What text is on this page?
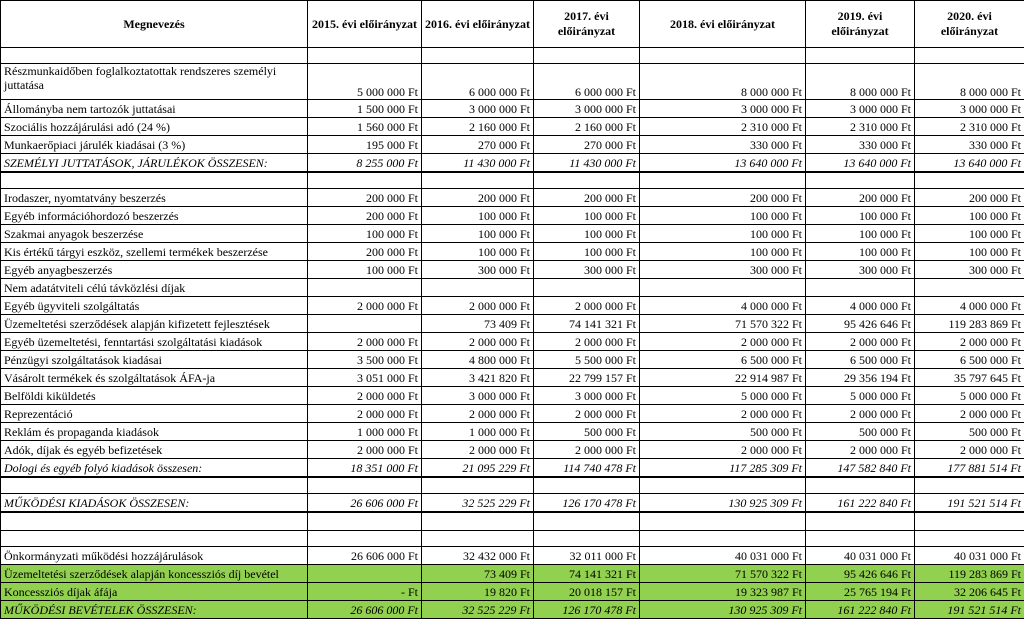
Megnevezés	2015. évi előirányzat	2016. évi előirányzat	2017. évi előirányzat	2018. évi előirányzat	2019. évi előirányzat	2020. évi előirányzat

Részmunkaidőben foglalkoztatottak rendszeres személyi juttatása	5 000 000 Ft	6 000 000 Ft	6 000 000 Ft	8 000 000 Ft	8 000 000 Ft	8 000 000 Ft
Állományba nem tartozók juttatásai	1 500 000 Ft	3 000 000 Ft	3 000 000 Ft	3 000 000 Ft	3 000 000 Ft	3 000 000 Ft
Szociális hozzájárulási adó (24 %)	1 560 000 Ft	2 160 000 Ft	2 160 000 Ft	2 310 000 Ft	2 310 000 Ft	2 310 000 Ft
Munkaerőpiaci járulék kiadásai (3 %)	195 000 Ft	270 000 Ft	270 000 Ft	330 000 Ft	330 000 Ft	330 000 Ft
SZEMÉLYI JUTTATÁSOK, JÁRULÉKOK ÖSSZESEN:	8 255 000 Ft	11 430 000 Ft	11 430 000 Ft	13 640 000 Ft	13 640 000 Ft	13 640 000 Ft

Irodaszer, nyomtatvány beszerzés	200 000 Ft	200 000 Ft	200 000 Ft	200 000 Ft	200 000 Ft	200 000 Ft
Egyéb információhordozó beszerzés	200 000 Ft	100 000 Ft	100 000 Ft	100 000 Ft	100 000 Ft	100 000 Ft
Szakmai anyagok beszerzése	100 000 Ft	100 000 Ft	100 000 Ft	100 000 Ft	100 000 Ft	100 000 Ft
Kis értékű tárgyi eszköz, szellemi termékek beszerzése	200 000 Ft	100 000 Ft	100 000 Ft	100 000 Ft	100 000 Ft	100 000 Ft
Egyéb anyagbeszerzés	100 000 Ft	300 000 Ft	300 000 Ft	300 000 Ft	300 000 Ft	300 000 Ft
Nem adatátviteli célú távközlési díjak						
Egyéb ügyviteli szolgáltatás	2 000 000 Ft	2 000 000 Ft	2 000 000 Ft	4 000 000 Ft	4 000 000 Ft	4 000 000 Ft
Üzemeltetési szerződések alapján kifizetett fejlesztések		73 409 Ft	74 141 321 Ft	71 570 322 Ft	95 426 646 Ft	119 283 869 Ft
Egyéb üzemeltetési, fenntartási szolgáltatási kiadások	2 000 000 Ft	2 000 000 Ft	2 000 000 Ft	2 000 000 Ft	2 000 000 Ft	2 000 000 Ft
Pénzügyi szolgáltatások kiadásai	3 500 000 Ft	4 800 000 Ft	5 500 000 Ft	6 500 000 Ft	6 500 000 Ft	6 500 000 Ft
Vásárolt termékek és szolgáltatások ÁFA-ja	3 051 000 Ft	3 421 820 Ft	22 799 157 Ft	22 914 987 Ft	29 356 194 Ft	35 797 645 Ft
Belföldi kiküldetés	2 000 000 Ft	3 000 000 Ft	3 000 000 Ft	5 000 000 Ft	5 000 000 Ft	5 000 000 Ft
Reprezentáció	2 000 000 Ft	2 000 000 Ft	2 000 000 Ft	2 000 000 Ft	2 000 000 Ft	2 000 000 Ft
Reklám és propaganda kiadások	1 000 000 Ft	1 000 000 Ft	500 000 Ft	500 000 Ft	500 000 Ft	500 000 Ft
Adók, díjak és egyéb befizetések	2 000 000 Ft	2 000 000 Ft	2 000 000 Ft	2 000 000 Ft	2 000 000 Ft	2 000 000 Ft
Dologi és egyéb folyó kiadások összesen:	18 351 000 Ft	21 095 229 Ft	114 740 478 Ft	117 285 309 Ft	147 582 840 Ft	177 881 514 Ft

MŰKÖDÉSI KIADÁSOK ÖSSZESEN:	26 606 000 Ft	32 525 229 Ft	126 170 478 Ft	130 925 309 Ft	161 222 840 Ft	191 521 514 Ft

Önkormányzati működési hozzájárulások	26 606 000 Ft	32 432 000 Ft	32 011 000 Ft	40 031 000 Ft	40 031 000 Ft	40 031 000 Ft
Üzemeltetési szerződések alapján koncessziós díj bevétel		73 409 Ft	74 141 321 Ft	71 570 322 Ft	95 426 646 Ft	119 283 869 Ft
Koncessziós díjak áfája	- Ft	19 820 Ft	20 018 157 Ft	19 323 987 Ft	25 765 194 Ft	32 206 645 Ft
MŰKÖDÉSI BEVÉTELEK ÖSSZESEN:	26 606 000 Ft	32 525 229 Ft	126 170 478 Ft	130 925 309 Ft	161 222 840 Ft	191 521 514 Ft
